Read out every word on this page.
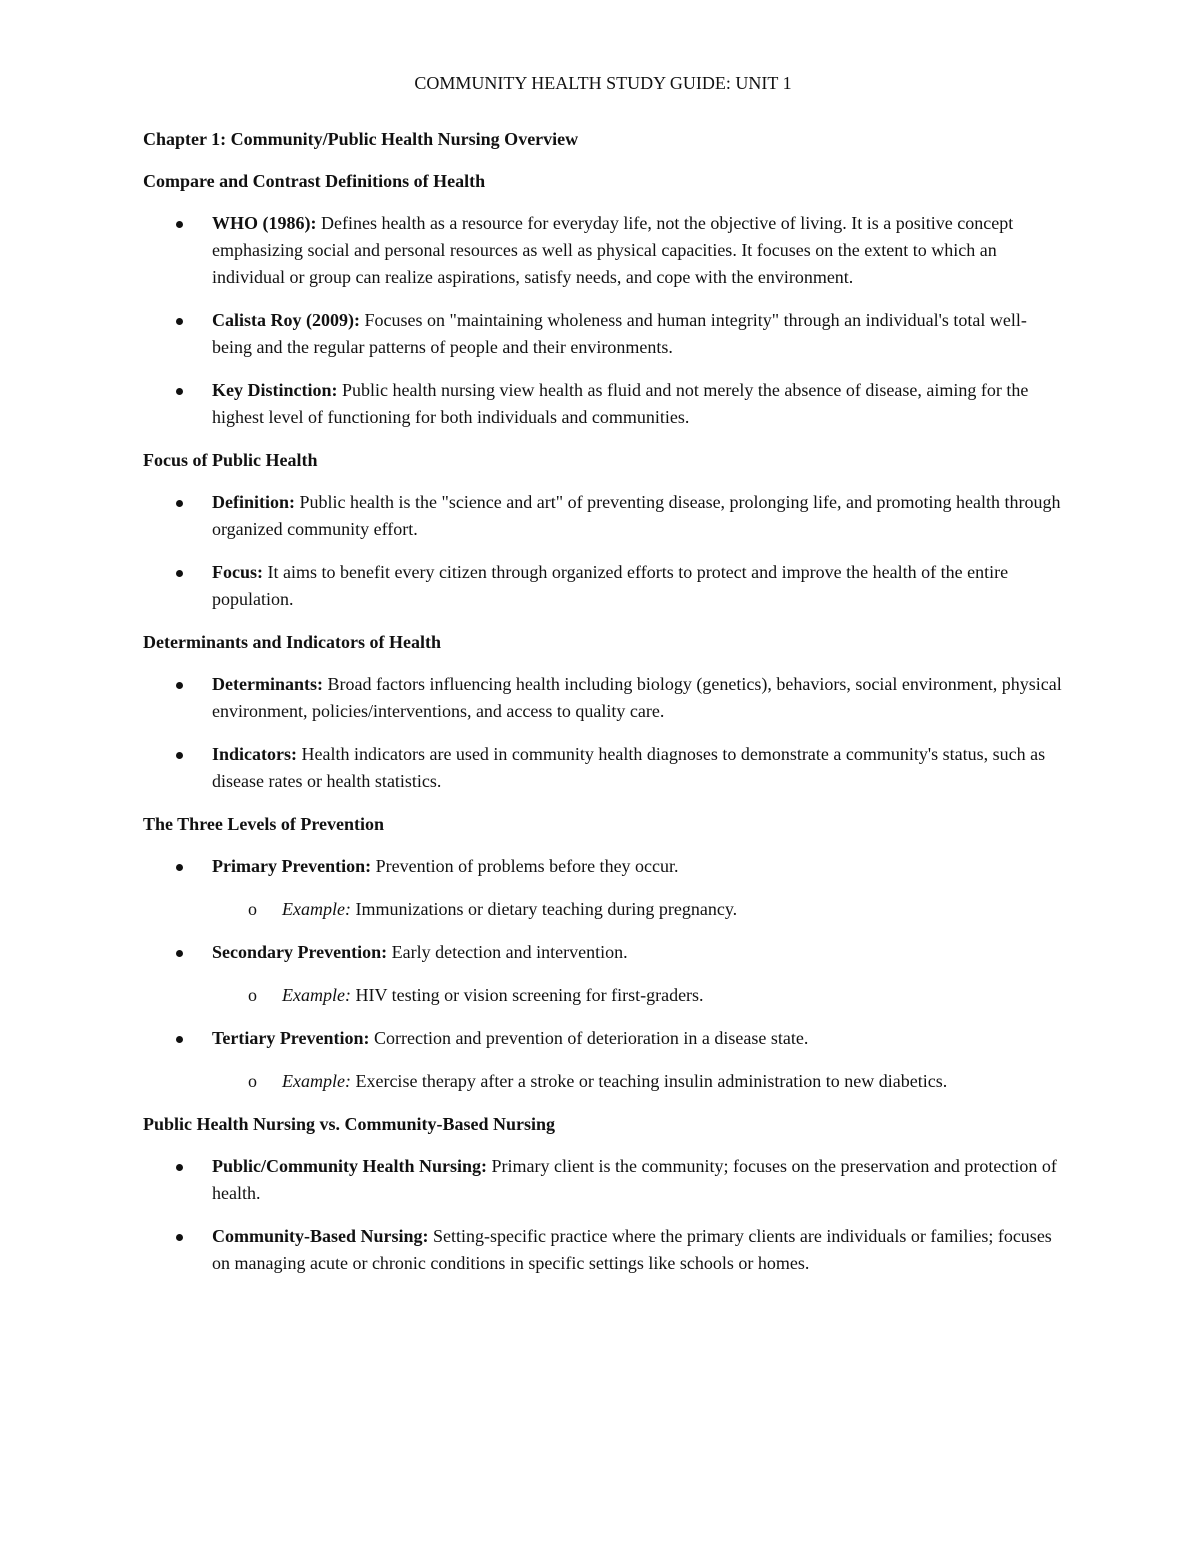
COMMUNITY HEALTH STUDY GUIDE: UNIT 1
Chapter 1: Community/Public Health Nursing Overview
Compare and Contrast Definitions of Health
WHO (1986): Defines health as a resource for everyday life, not the objective of living. It is a positive concept emphasizing social and personal resources as well as physical capacities. It focuses on the extent to which an individual or group can realize aspirations, satisfy needs, and cope with the environment.
Calista Roy (2009): Focuses on "maintaining wholeness and human integrity" through an individual's total well-being and the regular patterns of people and their environments.
Key Distinction: Public health nursing view health as fluid and not merely the absence of disease, aiming for the highest level of functioning for both individuals and communities.
Focus of Public Health
Definition: Public health is the "science and art" of preventing disease, prolonging life, and promoting health through organized community effort.
Focus: It aims to benefit every citizen through organized efforts to protect and improve the health of the entire population.
Determinants and Indicators of Health
Determinants: Broad factors influencing health including biology (genetics), behaviors, social environment, physical environment, policies/interventions, and access to quality care.
Indicators: Health indicators are used in community health diagnoses to demonstrate a community's status, such as disease rates or health statistics.
The Three Levels of Prevention
Primary Prevention: Prevention of problems before they occur.
o Example: Immunizations or dietary teaching during pregnancy.
Secondary Prevention: Early detection and intervention.
o Example: HIV testing or vision screening for first-graders.
Tertiary Prevention: Correction and prevention of deterioration in a disease state.
o Example: Exercise therapy after a stroke or teaching insulin administration to new diabetics.
Public Health Nursing vs. Community-Based Nursing
Public/Community Health Nursing: Primary client is the community; focuses on the preservation and protection of health.
Community-Based Nursing: Setting-specific practice where the primary clients are individuals or families; focuses on managing acute or chronic conditions in specific settings like schools or homes.
